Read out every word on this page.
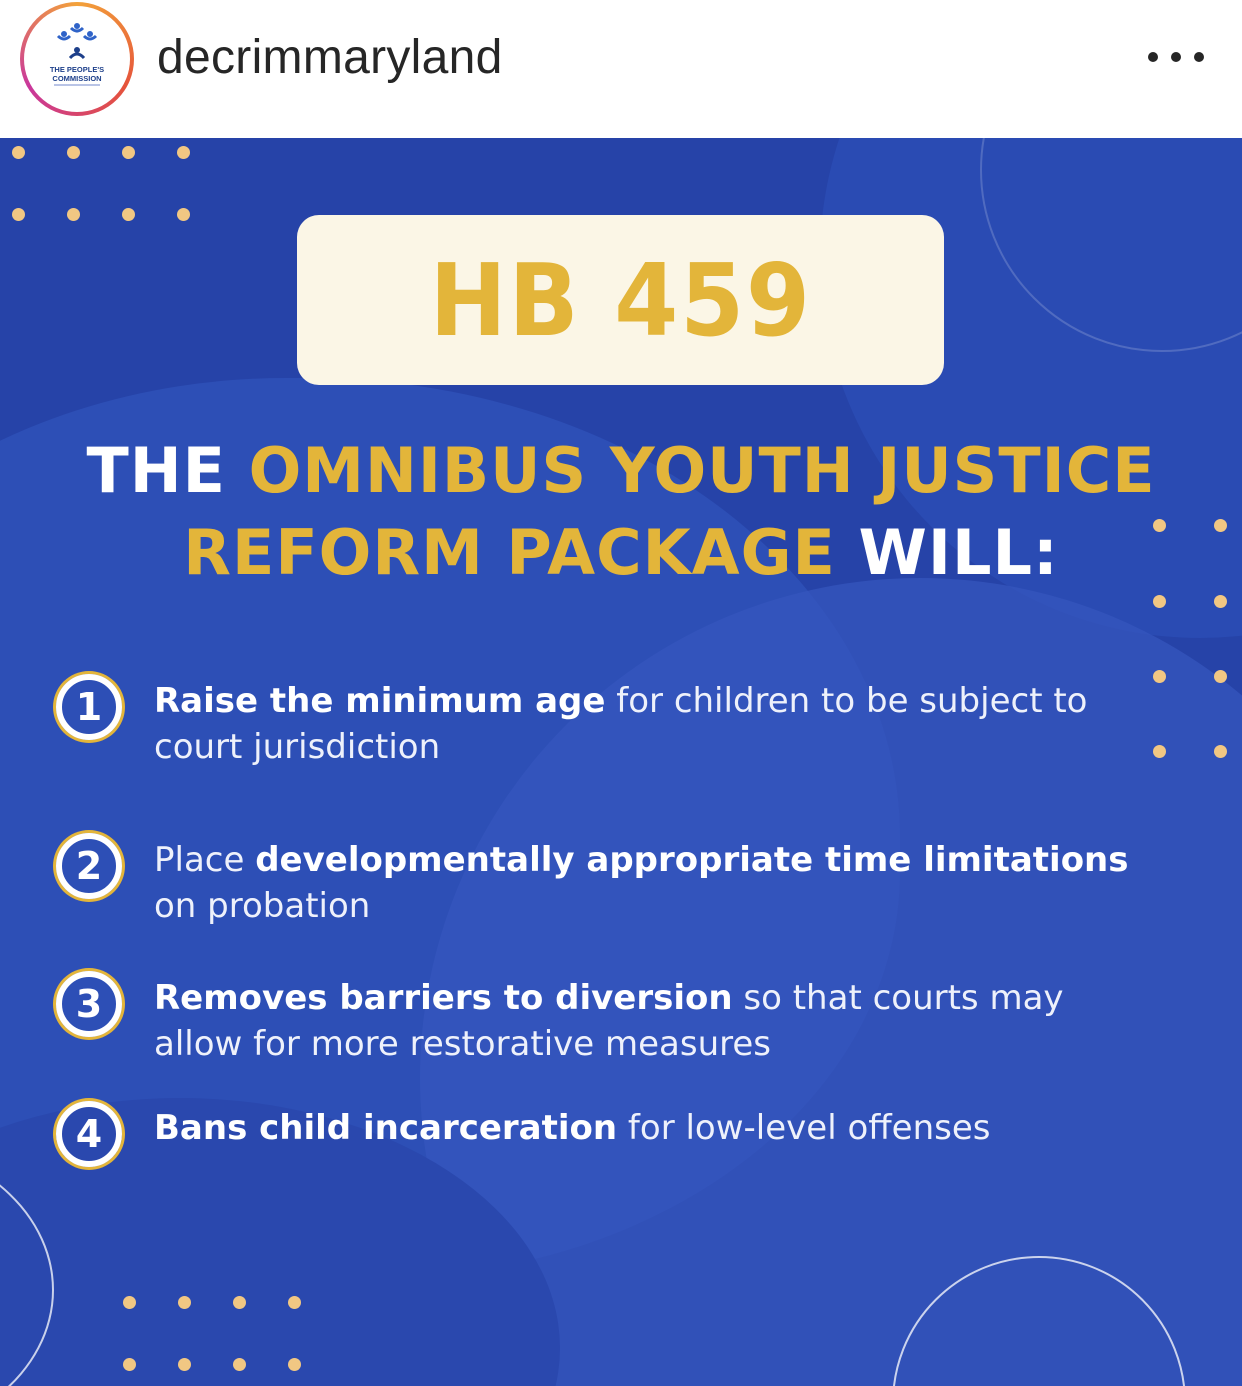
THE PEOPLE'S
COMMISSION decrimmaryland
HB 459
THE OMNIBUS YOUTH JUSTICE
REFORM PACKAGE WILL:
1	Raise the minimum age for children to be subject to court jurisdiction
2	Place developmentally appropriate time limitations on probation
3	Removes barriers to diversion so that courts may allow for more restorative measures
4	Bans child incarceration for low-level offenses
